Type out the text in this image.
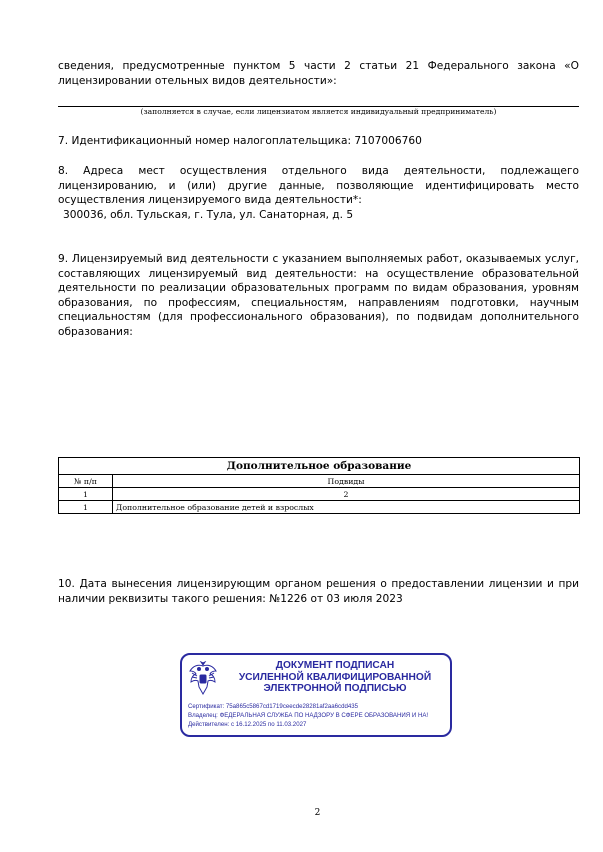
сведения, предусмотренные пунктом 5 части 2 статьи 21 Федерального закона «О лицензировании отельных видов деятельности»:
(заполняется в случае, если лицензиатом является индивидуальный предприниматель)
7. Идентификационный номер налогоплательщика: 7107006760
8. Адреса мест осуществления отдельного вида деятельности, подлежащего лицензированию, и (или) другие данные, позволяющие идентифицировать место осуществления лицензируемого вида деятельности*:
300036, обл. Тульская, г. Тула, ул. Санаторная, д. 5
9. Лицензируемый вид деятельности с указанием выполняемых работ, оказываемых услуг, составляющих лицензируемый вид деятельности: на осуществление образовательной деятельности по реализации образовательных программ по видам образования, уровням образования, по профессиям, специальностям, направлениям подготовки, научным специальностям (для профессионального образования), по подвидам дополнительного образования:
Дополнительное образование	
№ п/п	Подвиды
1	2
1	Дополнительное образование детей и взрослых
10. Дата вынесения лицензирующим органом решения о предоставлении лицензии и при наличии реквизиты такого решения: №1226 от 03 июля 2023
ДОКУМЕНТ ПОДПИСАН
УСИЛЕННОЙ КВАЛИФИЦИРОВАННОЙ
ЭЛЕКТРОННОЙ ПОДПИСЬЮ
Сертификат: 75a865c5867cd1719ceecde28281af2aa6cdd435
Владелец: ФЕДЕРАЛЬНАЯ СЛУЖБА ПО НАДЗОРУ В СФЕРЕ ОБРАЗОВАНИЯ И НА!
Действителен: с 16.12.2025 по 11.03.2027
2
